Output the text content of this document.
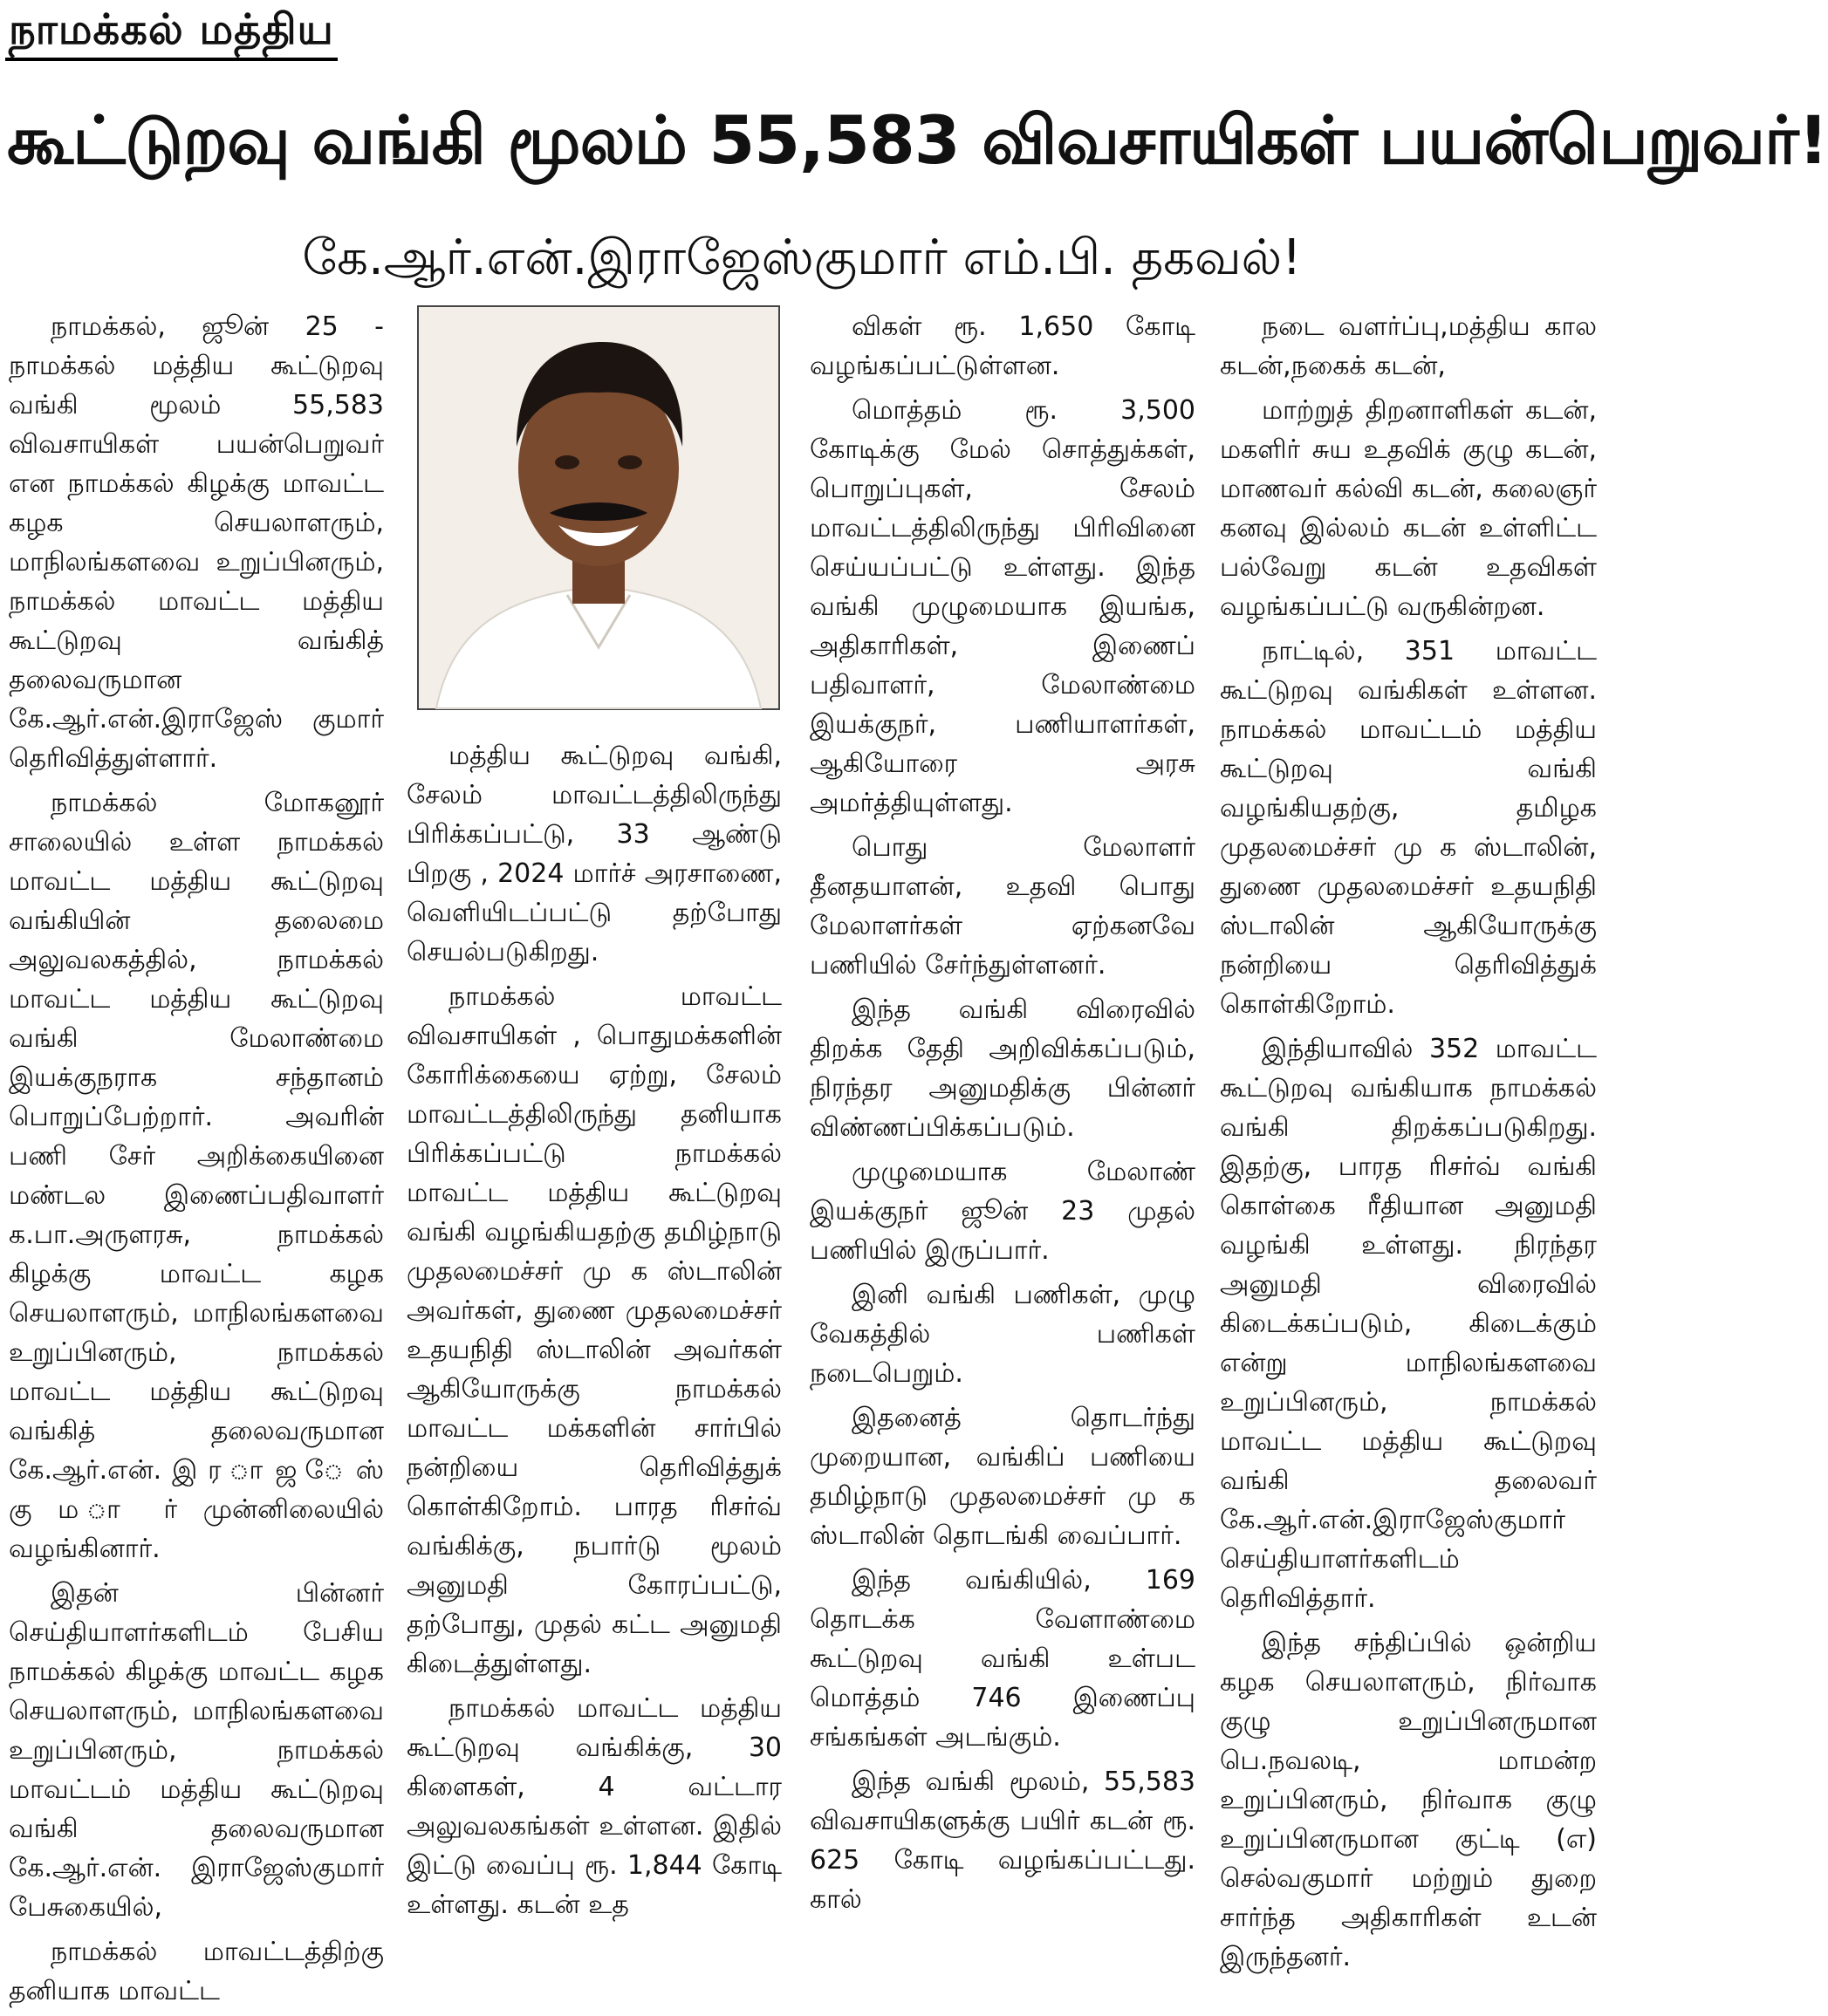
நாமக்கல் மத்திய
கூட்டுறவு வங்கி மூலம் 55,583 விவசாயிகள் பயன்பெறுவர்!
கே.ஆர்.என்.இராஜேஸ்குமார் எம்.பி. தகவல்!

நாமக்கல், ஜூன் 25 - நாமக்கல் மத்திய கூட்டுறவு வங்கி மூலம் 55,583 விவசாயிகள் பயன்பெறுவர் என நாமக்கல் கிழக்கு மாவட்ட கழக செயலாளரும், மாநிலங்களவை உறுப்பினரும், நாமக்கல் மாவட்ட மத்திய கூட்டுறவு வங்கித் தலைவருமான கே.ஆர்.என்.இராஜேஸ் குமார் தெரிவித்துள்ளார்.

நாமக்கல் மோகனூர் சாலையில் உள்ள நாமக்கல் மாவட்ட மத்திய கூட்டுறவு வங்கியின் தலைமை அலுவலகத்தில், நாமக்கல் மாவட்ட மத்திய கூட்டுறவு வங்கி மேலாண்மை இயக்குநராக சந்தானம் பொறுப்பேற்றார். அவரின் பணி சேர் அறிக்கையினை மண்டல இணைப்பதிவாளர் க.பா.அருளரசு, நாமக்கல் கிழக்கு மாவட்ட கழக செயலாளரும், மாநிலங்களவை உறுப்பினரும், நாமக்கல் மாவட்ட மத்திய கூட்டுறவு வங்கித் தலைவருமான கே.ஆர்.என். இ ர ா ஜ ே ஸ் கு ம ா ர் முன்னிலையில் வழங்கினார்.

இதன் பின்னர் செய்தியாளர்களிடம் பேசிய நாமக்கல் கிழக்கு மாவட்ட கழக செயலாளரும், மாநிலங்களவை உறுப்பினரும், நாமக்கல் மாவட்டம் மத்திய கூட்டுறவு வங்கி தலைவருமான கே.ஆர்.என். இராஜேஸ்குமார் பேசுகையில்,

நாமக்கல் மாவட்டத்திற்கு தனியாக மாவட்ட

மத்திய கூட்டுறவு வங்கி, சேலம் மாவட்டத்திலிருந்து பிரிக்கப்பட்டு, 33 ஆண்டு பிறகு , 2024 மார்ச் அரசாணை, வெளியிடப்பட்டு தற்போது செயல்படுகிறது.

நாமக்கல் மாவட்ட விவசாயிகள் , பொதுமக்களின் கோரிக்கையை ஏற்று, சேலம் மாவட்டத்திலிருந்து தனியாக பிரிக்கப்பட்டு நாமக்கல் மாவட்ட மத்திய கூட்டுறவு வங்கி வழங்கியதற்கு தமிழ்நாடு முதலமைச்சர் மு க ஸ்டாலின் அவர்கள், துணை முதலமைச்சர் உதயநிதி ஸ்டாலின் அவர்கள் ஆகியோருக்கு நாமக்கல் மாவட்ட மக்களின் சார்பில் நன்றியை தெரிவித்துக் கொள்கிறோம். பாரத ரிசர்வ் வங்கிக்கு, நபார்டு மூலம் அனுமதி கோரப்பட்டு, தற்போது, முதல் கட்ட அனுமதி கிடைத்துள்ளது.

நாமக்கல் மாவட்ட மத்திய கூட்டுறவு வங்கிக்கு, 30 கிளைகள், 4 வட்டார அலுவலகங்கள் உள்ளன. இதில் இட்டு வைப்பு ரூ. 1,844 கோடி உள்ளது. கடன் உத

விகள் ரூ. 1,650 கோடி வழங்கப்பட்டுள்ளன.

மொத்தம் ரூ. 3,500 கோடிக்கு மேல் சொத்துக்கள், பொறுப்புகள், சேலம் மாவட்டத்திலிருந்து பிரிவினை செய்யப்பட்டு உள்ளது. இந்த வங்கி முழுமையாக இயங்க, அதிகாரிகள், இணைப் பதிவாளர், மேலாண்மை இயக்குநர், பணியாளர்கள், ஆகியோரை அரசு அமர்த்தியுள்ளது.

பொது மேலாளர் தீனதயாளன், உதவி பொது மேலாளர்கள் ஏற்கனவே பணியில் சேர்ந்துள்ளனர்.

இந்த வங்கி விரைவில் திறக்க தேதி அறிவிக்கப்படும், நிரந்தர அனுமதிக்கு பின்னர் விண்ணப்பிக்கப்படும்.

முழுமையாக மேலாண் இயக்குநர் ஜூன் 23 முதல் பணியில் இருப்பார்.

இனி வங்கி பணிகள், முழு வேகத்தில் பணிகள் நடைபெறும்.

இதனைத் தொடர்ந்து முறையான, வங்கிப் பணியை தமிழ்நாடு முதலமைச்சர் மு க ஸ்டாலின் தொடங்கி வைப்பார்.

இந்த வங்கியில், 169 தொடக்க வேளாண்மை கூட்டுறவு வங்கி உள்பட மொத்தம் 746 இணைப்பு சங்கங்கள் அடங்கும்.

இந்த வங்கி மூலம், 55,583 விவசாயிகளுக்கு பயிர் கடன் ரூ. 625 கோடி வழங்கப்பட்டது. கால்

நடை வளர்ப்பு,மத்திய கால கடன்,நகைக் கடன்,

மாற்றுத் திறனாளிகள் கடன், மகளிர் சுய உதவிக் குழு கடன், மாணவர் கல்வி கடன், கலைஞர் கனவு இல்லம் கடன் உள்ளிட்ட பல்வேறு கடன் உதவிகள் வழங்கப்பட்டு வருகின்றன.

நாட்டில், 351 மாவட்ட கூட்டுறவு வங்கிகள் உள்ளன. நாமக்கல் மாவட்டம் மத்திய கூட்டுறவு வங்கி வழங்கியதற்கு, தமிழக முதலமைச்சர் மு க ஸ்டாலின், துணை முதலமைச்சர் உதயநிதி ஸ்டாலின் ஆகியோருக்கு நன்றியை தெரிவித்துக் கொள்கிறோம்.

இந்தியாவில் 352 மாவட்ட கூட்டுறவு வங்கியாக நாமக்கல் வங்கி திறக்கப்படுகிறது. இதற்கு, பாரத ரிசர்வ் வங்கி கொள்கை ரீதியான அனுமதி வழங்கி உள்ளது. நிரந்தர அனுமதி விரைவில் கிடைக்கப்படும், கிடைக்கும் என்று மாநிலங்களவை உறுப்பினரும், நாமக்கல் மாவட்ட மத்திய கூட்டுறவு வங்கி தலைவர் கே.ஆர்.என்.இராஜேஸ்குமார் செய்தியாளர்களிடம் தெரிவித்தார்.

இந்த சந்திப்பில் ஒன்றிய கழக செயலாளரும், நிர்வாக குழு உறுப்பினருமான பெ.நவலடி, மாமன்ற உறுப்பினரும், நிர்வாக குழு உறுப்பினருமான குட்டி (எ) செல்வகுமார் மற்றும் துறை சார்ந்த அதிகாரிகள் உடன் இருந்தனர்.
